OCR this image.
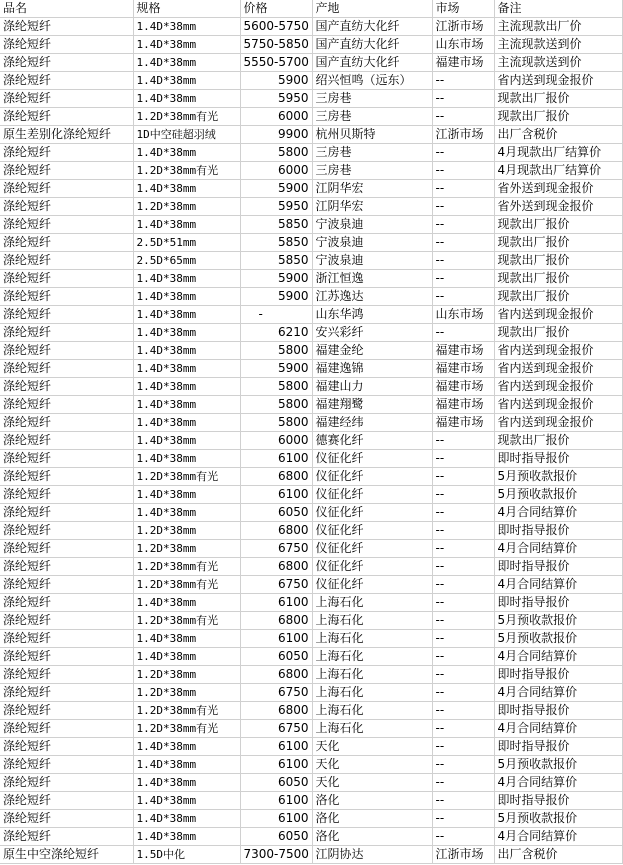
品名	规格	价格	产地	市场	备注
涤纶短纤	1.4D*38mm	5600-5750	国产直纺大化纤	江浙市场	主流现款出厂价
涤纶短纤	1.4D*38mm	5750-5850	国产直纺大化纤	山东市场	主流现款送到价
涤纶短纤	1.4D*38mm	5550-5700	国产直纺大化纤	福建市场	主流现款送到价
涤纶短纤	1.4D*38mm	5900	绍兴恒鸣（远东）	--	省内送到现金报价
涤纶短纤	1.4D*38mm	5950	三房巷	--	现款出厂报价
涤纶短纤	1.2D*38mm有光	6000	三房巷	--	现款出厂报价
原生差别化涤纶短纤	1D中空硅超羽绒	9900	杭州贝斯特	江浙市场	出厂含税价
涤纶短纤	1.4D*38mm	5800	三房巷	--	4月现款出厂结算价
涤纶短纤	1.2D*38mm有光	6000	三房巷	--	4月现款出厂结算价
涤纶短纤	1.4D*38mm	5900	江阴华宏	--	省外送到现金报价
涤纶短纤	1.2D*38mm	5950	江阴华宏	--	省外送到现金报价
涤纶短纤	1.4D*38mm	5850	宁波泉迪	--	现款出厂报价
涤纶短纤	2.5D*51mm	5850	宁波泉迪	--	现款出厂报价
涤纶短纤	2.5D*65mm	5850	宁波泉迪	--	现款出厂报价
涤纶短纤	1.4D*38mm	5900	浙江恒逸	--	现款出厂报价
涤纶短纤	1.4D*38mm	5900	江苏逸达	--	现款出厂报价
涤纶短纤	1.4D*38mm	-	山东华鸿	山东市场	省内送到现金报价
涤纶短纤	1.4D*38mm	6210	安兴彩纤	--	现款出厂报价
涤纶短纤	1.4D*38mm	5800	福建金纶	福建市场	省内送到现金报价
涤纶短纤	1.4D*38mm	5900	福建逸锦	福建市场	省内送到现金报价
涤纶短纤	1.4D*38mm	5800	福建山力	福建市场	省内送到现金报价
涤纶短纤	1.4D*38mm	5800	福建翔鹭	福建市场	省内送到现金报价
涤纶短纤	1.4D*38mm	5800	福建经纬	福建市场	省内送到现金报价
涤纶短纤	1.4D*38mm	6000	德赛化纤	--	现款出厂报价
涤纶短纤	1.4D*38mm	6100	仪征化纤	--	即时指导报价
涤纶短纤	1.2D*38mm有光	6800	仪征化纤	--	5月预收款报价
涤纶短纤	1.4D*38mm	6100	仪征化纤	--	5月预收款报价
涤纶短纤	1.4D*38mm	6050	仪征化纤	--	4月合同结算价
涤纶短纤	1.2D*38mm	6800	仪征化纤	--	即时指导报价
涤纶短纤	1.2D*38mm	6750	仪征化纤	--	4月合同结算价
涤纶短纤	1.2D*38mm有光	6800	仪征化纤	--	即时指导报价
涤纶短纤	1.2D*38mm有光	6750	仪征化纤	--	4月合同结算价
涤纶短纤	1.4D*38mm	6100	上海石化	--	即时指导报价
涤纶短纤	1.2D*38mm有光	6800	上海石化	--	5月预收款报价
涤纶短纤	1.4D*38mm	6100	上海石化	--	5月预收款报价
涤纶短纤	1.4D*38mm	6050	上海石化	--	4月合同结算价
涤纶短纤	1.2D*38mm	6800	上海石化	--	即时指导报价
涤纶短纤	1.2D*38mm	6750	上海石化	--	4月合同结算价
涤纶短纤	1.2D*38mm有光	6800	上海石化	--	即时指导报价
涤纶短纤	1.2D*38mm有光	6750	上海石化	--	4月合同结算价
涤纶短纤	1.4D*38mm	6100	天化	--	即时指导报价
涤纶短纤	1.4D*38mm	6100	天化	--	5月预收款报价
涤纶短纤	1.4D*38mm	6050	天化	--	4月合同结算价
涤纶短纤	1.4D*38mm	6100	洛化	--	即时指导报价
涤纶短纤	1.4D*38mm	6100	洛化	--	5月预收款报价
涤纶短纤	1.4D*38mm	6050	洛化	--	4月合同结算价
原生中空涤纶短纤	1.5D中化	7300-7500	江阴协达	江浙市场	出厂含税价
